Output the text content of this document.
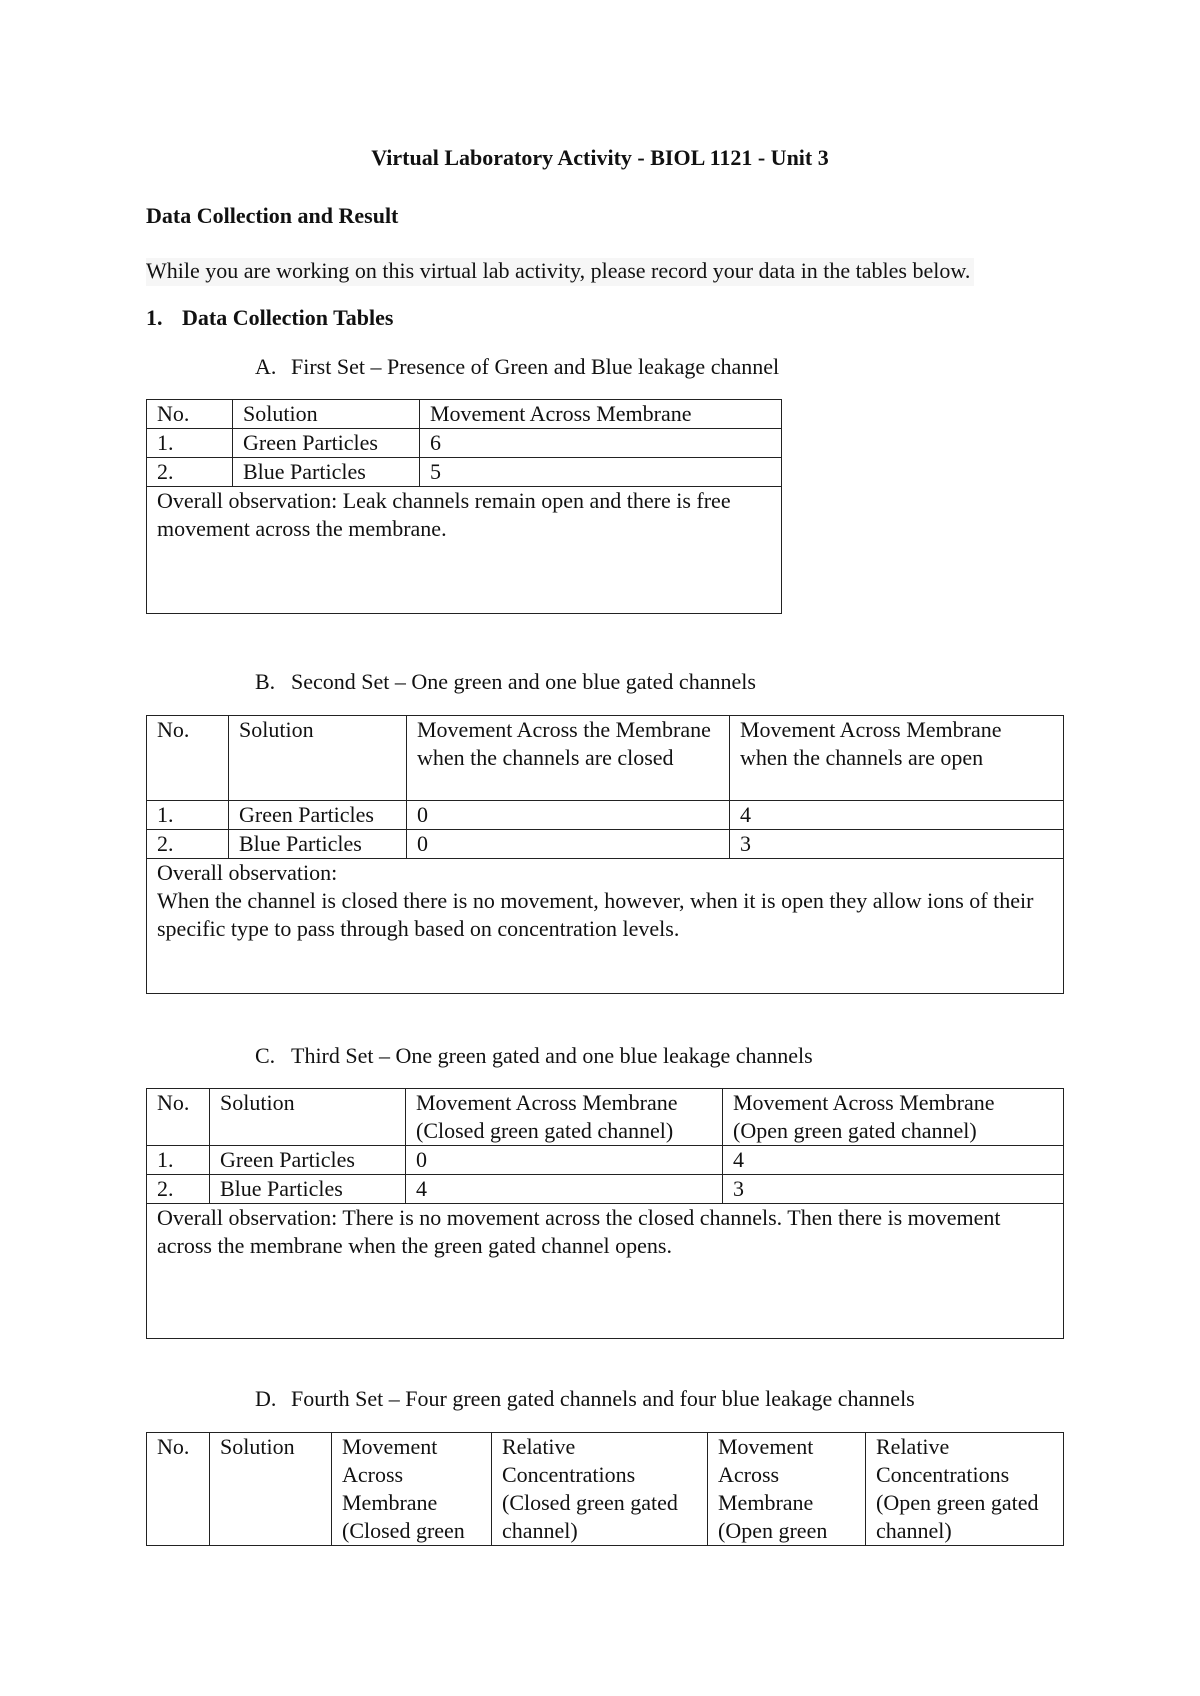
Virtual Laboratory Activity - BIOL 1121 - Unit 3
Data Collection and Result
While you are working on this virtual lab activity, please record your data in the tables below.
1. Data Collection Tables
A. First Set – Presence of Green and Blue leakage channel
No.	Solution	Movement Across Membrane
1.	Green Particles	6
2.	Blue Particles	5
Overall observation: Leak channels remain open and there is free movement across the membrane.		
B. Second Set – One green and one blue gated channels
No.	Solution	Movement Across the Membrane when the channels are closed	Movement Across Membrane when the channels are open
1.	Green Particles	0	4
2.	Blue Particles	0	3

Overall observation:
When the channel is closed there is no movement, however, when it is open they allow ions of their specific type to pass through based on concentration levels.			
C. Third Set – One green gated and one blue leakage channels
No.	Solution	Movement Across Membrane (Closed green gated channel)	Movement Across Membrane (Open green gated channel)
1.	Green Particles	0	4
2.	Blue Particles	4	3
Overall observation: There is no movement across the closed channels. Then there is movement across the membrane when the green gated channel opens.			
D. Fourth Set – Four green gated channels and four blue leakage channels
No.	Solution	Movement Across Membrane (Closed green	Relative Concentrations (Closed green gated channel)	Movement Across Membrane (Open green	Relative Concentrations (Open green gated channel)
